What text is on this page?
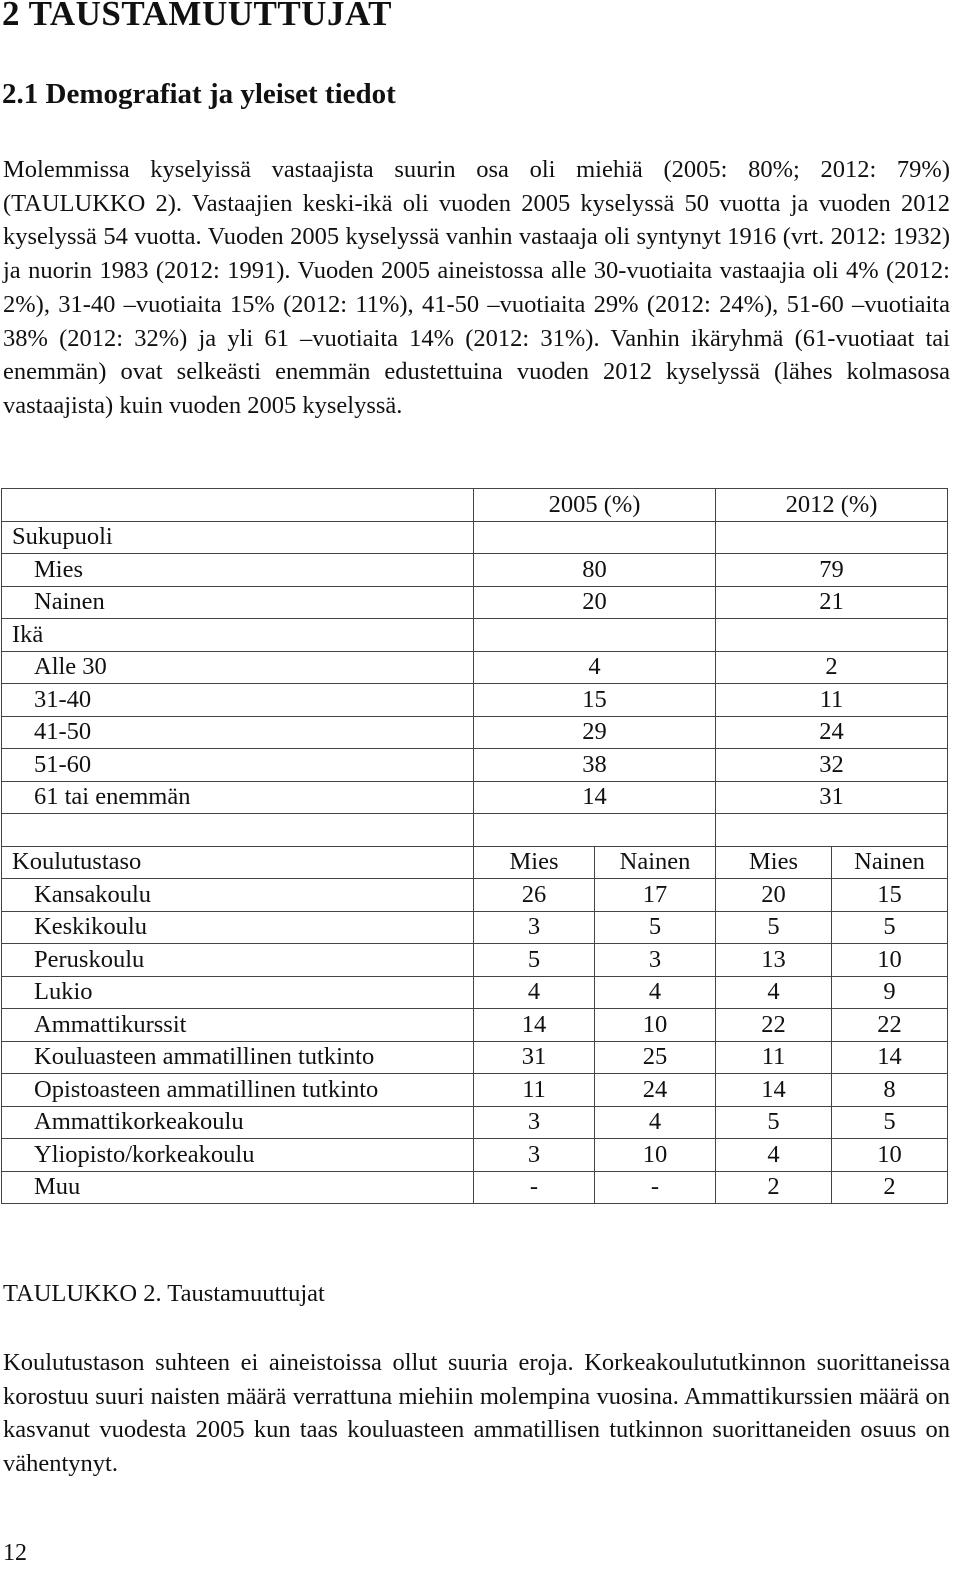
2 TAUSTAMUUTTUJAT
2.1 Demografiat ja yleiset tiedot

Molemmissa kyselyissä vastaajista suurin osa oli miehiä (2005: 80%; 2012: 79%) (TAULUKKO 2). Vastaajien keski-ikä oli vuoden 2005 kyselyssä 50 vuotta ja vuoden 2012 kyselyssä 54 vuotta. Vuoden 2005 kyselyssä vanhin vastaaja oli syntynyt 1916 (vrt. 2012: 1932) ja nuorin 1983 (2012: 1991). Vuoden 2005 aineistossa alle 30-vuotiaita vastaajia oli 4% (2012: 2%), 31-40 –vuotiaita 15% (2012: 11%), 41-50 –vuotiaita 29% (2012: 24%), 51-60 –vuotiaita 38% (2012: 32%) ja yli 61 –vuotiaita 14% (2012: 31%). Vanhin ikäryhmä (61-vuotiaat tai enemmän) ovat selkeästi enemmän edustettuina vuoden 2012 kyselyssä (lähes kolmasosa vastaajista) kuin vuoden 2005 kyselyssä.

	2005 (%)		2012 (%)	
Sukupuoli				
Mies	80		79	
Nainen	20		21	
Ikä				
Alle 30	4		2	
31-40	15		11	
41-50	29		24	
51-60	38		32	
61 tai enemmän	14		31	

Koulutustaso	Mies	Nainen	Mies	Nainen
Kansakoulu	26	17	20	15
Keskikoulu	3	5	5	5
Peruskoulu	5	3	13	10
Lukio	4	4	4	9
Ammattikurssit	14	10	22	22
Kouluasteen ammatillinen tutkinto	31	25	11	14
Opistoasteen ammatillinen tutkinto	11	24	14	8
Ammattikorkeakoulu	3	4	5	5
Yliopisto/korkeakoulu	3	10	4	10
Muu	-	-	2	2

TAULUKKO 2. Taustamuuttujat

Koulutustason suhteen ei aineistoissa ollut suuria eroja. Korkeakoulututkinnon suorittaneissa korostuu suuri naisten määrä verrattuna miehiin molempina vuosina. Ammattikurssien määrä on kasvanut vuodesta 2005 kun taas kouluasteen ammatillisen tutkinnon suorittaneiden osuus on vähentynyt.

12
